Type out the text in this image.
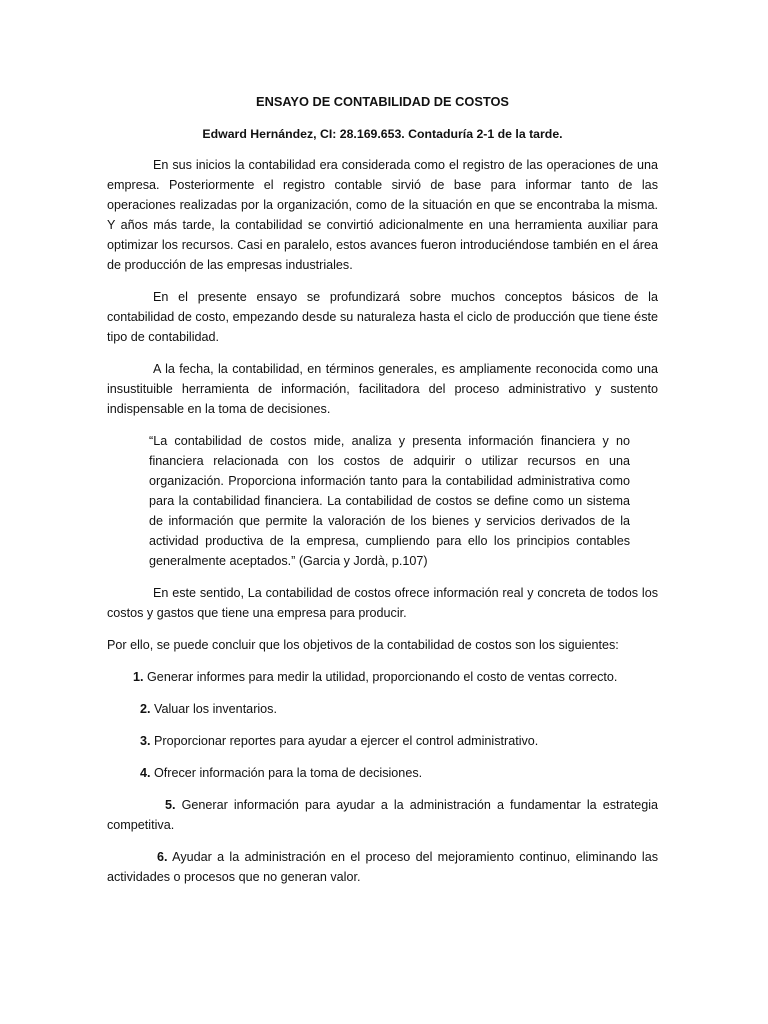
ENSAYO DE CONTABILIDAD DE COSTOS

Edward Hernández, CI: 28.169.653. Contaduría 2-1 de la tarde.

En sus inicios la contabilidad era considerada como el registro de las operaciones de una empresa. Posteriormente el registro contable sirvió de base para informar tanto de las operaciones realizadas por la organización, como de la situación en que se encontraba la misma. Y años más tarde, la contabilidad se convirtió adicionalmente en una herramienta auxiliar para optimizar los recursos. Casi en paralelo, estos avances fueron introduciéndose también en el área de producción de las empresas industriales.

En el presente ensayo se profundizará sobre muchos conceptos básicos de la contabilidad de costo, empezando desde su naturaleza hasta el ciclo de producción que tiene éste tipo de contabilidad.

A la fecha, la contabilidad, en términos generales, es ampliamente reconocida como una insustituible herramienta de información, facilitadora del proceso administrativo y sustento indispensable en la toma de decisiones.

“La contabilidad de costos mide, analiza y presenta información financiera y no financiera relacionada con los costos de adquirir o utilizar recursos en una organización. Proporciona información tanto para la contabilidad administrativa como para la contabilidad financiera. La contabilidad de costos se define como un sistema de información que permite la valoración de los bienes y servicios derivados de la actividad productiva de la empresa, cumpliendo para ello los principios contables generalmente aceptados.” (Garcia y Jordà, p.107)

En este sentido, La contabilidad de costos ofrece información real y concreta de todos los costos y gastos que tiene una empresa para producir.

Por ello, se puede concluir que los objetivos de la contabilidad de costos son los siguientes:

1. Generar informes para medir la utilidad, proporcionando el costo de ventas correcto.

2. Valuar los inventarios.

3. Proporcionar reportes para ayudar a ejercer el control administrativo.

4. Ofrecer información para la toma de decisiones.

5. Generar información para ayudar a la administración a fundamentar la estrategia competitiva.

6. Ayudar a la administración en el proceso del mejoramiento continuo, eliminando las actividades o procesos que no generan valor.
